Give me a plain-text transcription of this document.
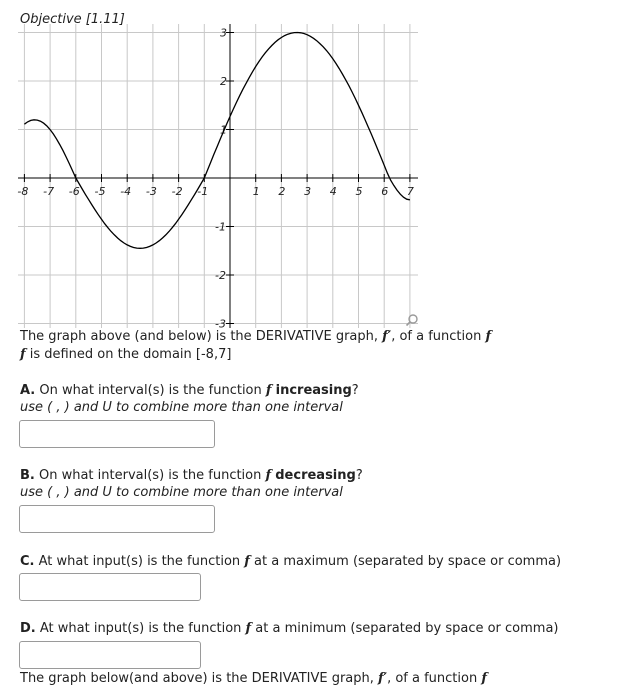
Objective [1.11]
-8 -7 -6 -5 -4 -3 -2 -1	1 2 3 4 5 6 7
3
2
1
-1
-2
-3
The graph above (and below) is the DERIVATIVE graph, f′, of a function f
f is defined on the domain [-8,7]
A. On what interval(s) is the function f increasing?
use ( , ) and U to combine more than one interval
B. On what interval(s) is the function f decreasing?
use ( , ) and U to combine more than one interval
C. At what input(s) is the function f at a maximum (separated by space or comma)
D. At what input(s) is the function f at a minimum (separated by space or comma)
The graph below(and above) is the DERIVATIVE graph, f′, of a function f
